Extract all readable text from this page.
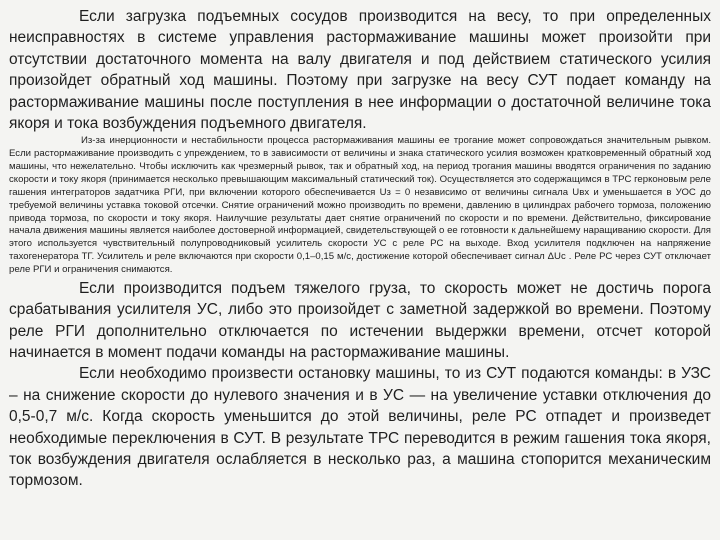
Если загрузка подъемных сосудов производится на весу, то при определенных неисправностях в системе управления растормаживание машины может произойти при отсутствии достаточного момента на валу двигателя и под действием статического усилия произойдет обратный ход машины. Поэтому при загрузке на весу СУТ подает команду на растормаживание машины после поступления в нее информации о достаточной величине тока якоря и тока возбуждения подъемного двигателя.

Из-за инерционности и нестабильности процесса растормаживания машины ее трогание может сопровождаться значительным рывком. Если растормаживание производить с упреждением, то в зависимости от величины и знака статического усилия возможен кратковременный обратный ход машины, что нежелательно. Чтобы исключить как чрезмерный рывок, так и обратный ход, на период трогания машины вводятся ограничения по заданию скорости и току якоря (принимается несколько превышающим максимальный статический ток). Осуществляется это содержащимся в ТРС герконовым реле гашения интеграторов задатчика РГИ, при включении которого обеспечивается Uз = 0 независимо от величины сигнала Uвх и уменьшается в УОС до требуемой величины уставка токовой отсечки. Снятие ограничений можно производить по времени, давлению в цилиндрах рабочего тормоза, положению привода тормоза, по скорости и току якоря. Наилучшие результаты дает снятие ограничений по скорости и по времени. Действительно, фиксирование начала движения машины является наиболее достоверной информацией, свидетельствующей о ее готовности к дальнейшему наращиванию скорости. Для этого используется чувствительный полупроводниковый усилитель скорости УС с реле РС на выходе. Вход усилителя подключен на напряжение тахогенератора ТГ. Усилитель и реле включаются при скорости 0,1–0,15 м/с, достижение которой обеспечивает сигнал ΔUс . Реле РС через СУТ отключает реле РГИ и ограничения снимаются.

Если производится подъем тяжелого груза, то скорость может не достичь порога срабатывания усилителя УС, либо это произойдет с заметной задержкой во времени. Поэтому реле РГИ дополнительно отключается по истечении выдержки времени, отсчет которой начинается в момент подачи команды на растормаживание машины.

Если необходимо произвести остановку машины, то из СУТ подаются команды: в УЗС – на снижение скорости до нулевого значения и в УС — на увеличение уставки отключения до 0,5-0,7 м/с. Когда скорость уменьшится до этой величины, реле РС отпадет и произведет необходимые переключения в СУТ. В результате ТРС переводится в режим гашения тока якоря, ток возбуждения двигателя ослабляется в несколько раз, а машина стопорится механическим тормозом.
